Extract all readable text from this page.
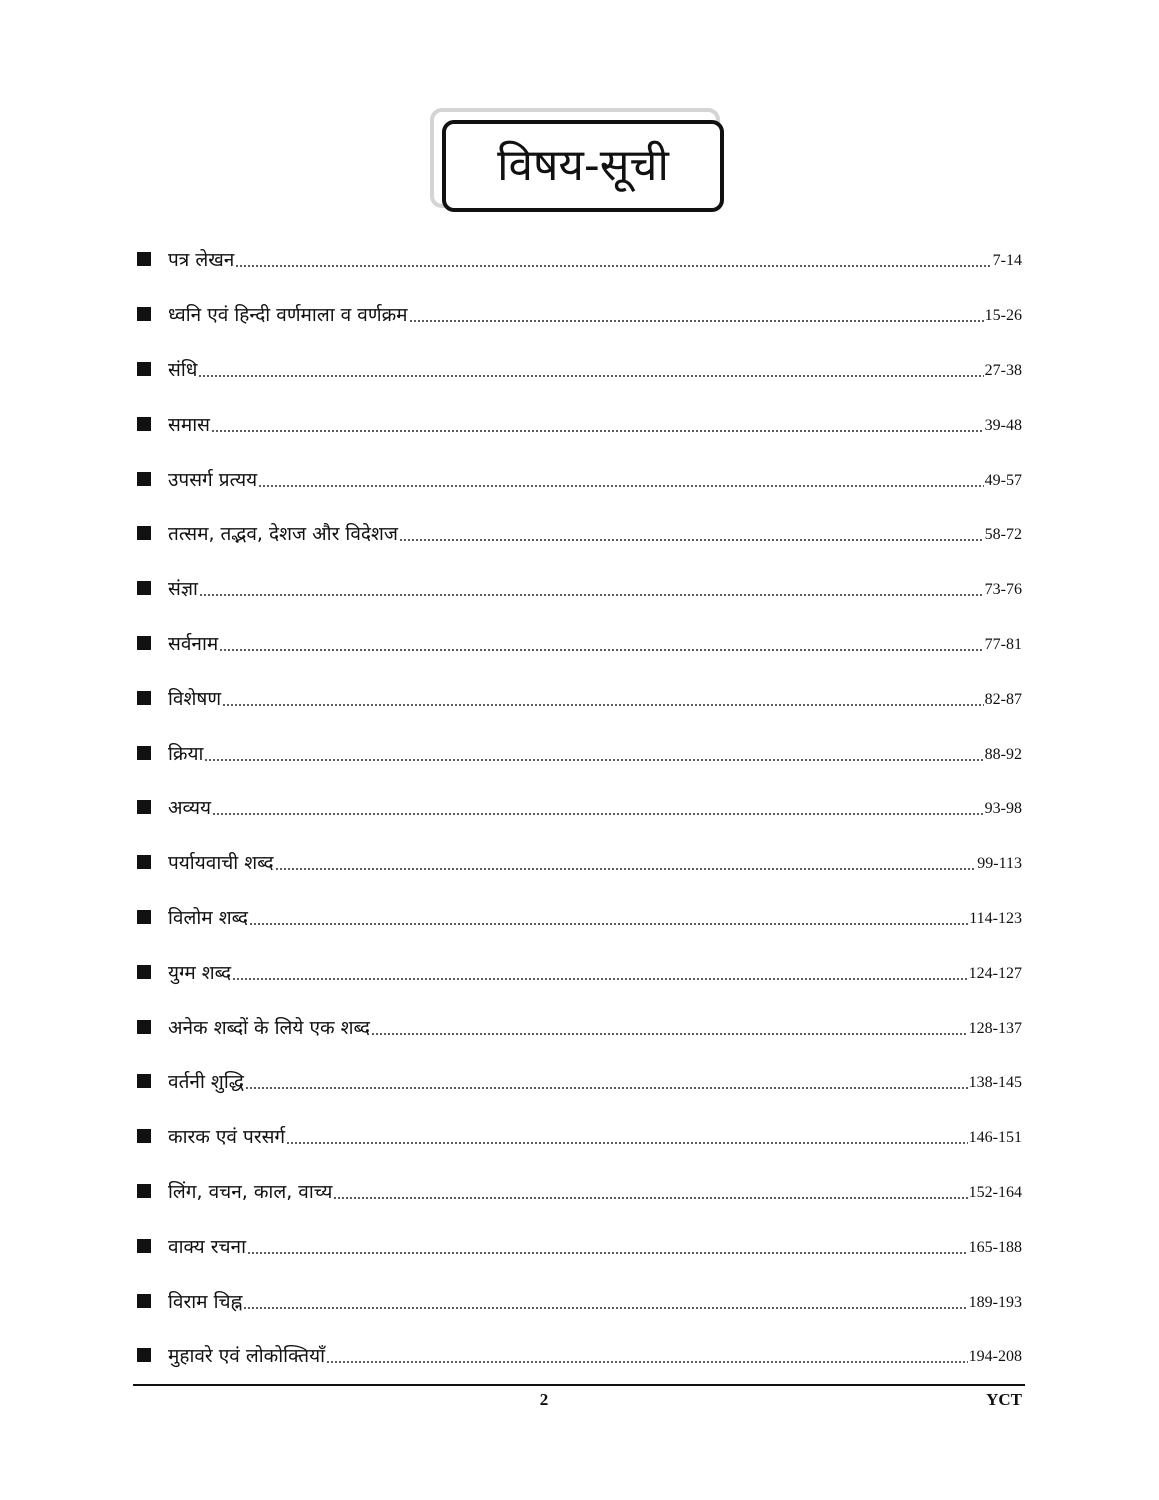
विषय-सूची
पत्र लेखन	7-14
ध्वनि एवं हिन्दी वर्णमाला व वर्णक्रम	15-26
संधि	27-38
समास	39-48
उपसर्ग प्रत्यय	49-57
तत्सम, तद्भव, देशज और विदेशज	58-72
संज्ञा	73-76
सर्वनाम	77-81
विशेषण	82-87
क्रिया	88-92
अव्यय	93-98
पर्यायवाची शब्द	99-113
विलोम शब्द	114-123
युग्म शब्द	124-127
अनेक शब्दों के लिये एक शब्द	128-137
वर्तनी शुद्धि	138-145
कारक एवं परसर्ग	146-151
लिंग, वचन, काल, वाच्य	152-164
वाक्य रचना	165-188
विराम चिह्न	189-193
मुहावरे एवं लोकोक्तियाँ	194-208
2	YCT
